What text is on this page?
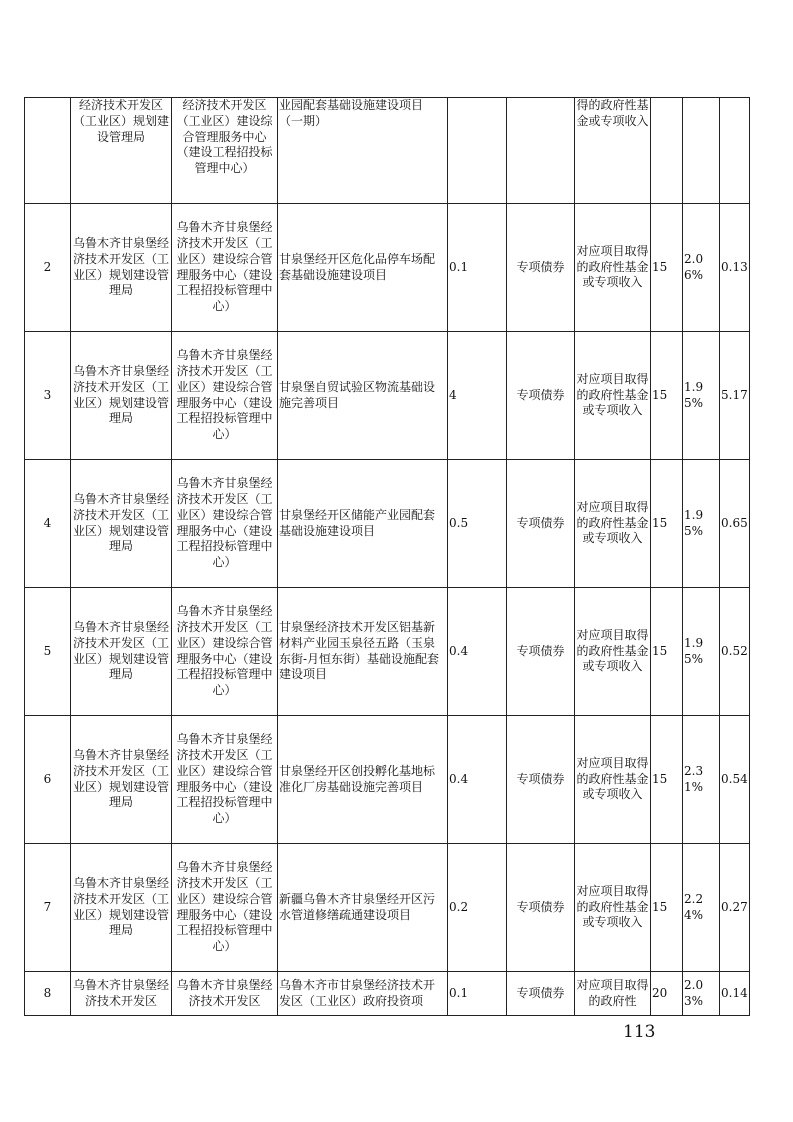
	经济技术开发区（工业区）规划建设管理局	经济技术开发区（工业区）建设综合管理服务中心（建设工程招投标管理中心）	业园配套基础设施建设项目（一期）			得的政府性基金或专项收入			
2	乌鲁木齐甘泉堡经济技术开发区（工业区）规划建设管理局	乌鲁木齐甘泉堡经济技术开发区（工业区）建设综合管理服务中心（建设工程招投标管理中心）	甘泉堡经开区危化品停车场配套基础设施建设项目	0.1	专项债券	对应项目取得的政府性基金或专项收入	15	2.06%	0.13
3	乌鲁木齐甘泉堡经济技术开发区（工业区）规划建设管理局	乌鲁木齐甘泉堡经济技术开发区（工业区）建设综合管理服务中心（建设工程招投标管理中心）	甘泉堡自贸试验区物流基础设施完善项目	4	专项债券	对应项目取得的政府性基金或专项收入	15	1.95%	5.17
4	乌鲁木齐甘泉堡经济技术开发区（工业区）规划建设管理局	乌鲁木齐甘泉堡经济技术开发区（工业区）建设综合管理服务中心（建设工程招投标管理中心）	甘泉堡经开区储能产业园配套基础设施建设项目	0.5	专项债券	对应项目取得的政府性基金或专项收入	15	1.95%	0.65
5	乌鲁木齐甘泉堡经济技术开发区（工业区）规划建设管理局	乌鲁木齐甘泉堡经济技术开发区（工业区）建设综合管理服务中心（建设工程招投标管理中心）	甘泉堡经济技术开发区铝基新材料产业园玉泉径五路（玉泉东街-月恒东街）基础设施配套建设项目	0.4	专项债券	对应项目取得的政府性基金或专项收入	15	1.95%	0.52
6	乌鲁木齐甘泉堡经济技术开发区（工业区）规划建设管理局	乌鲁木齐甘泉堡经济技术开发区（工业区）建设综合管理服务中心（建设工程招投标管理中心）	甘泉堡经开区创投孵化基地标准化厂房基础设施完善项目	0.4	专项债券	对应项目取得的政府性基金或专项收入	15	2.31%	0.54
7	乌鲁木齐甘泉堡经济技术开发区（工业区）规划建设管理局	乌鲁木齐甘泉堡经济技术开发区（工业区）建设综合管理服务中心（建设工程招投标管理中心）	新疆乌鲁木齐甘泉堡经开区污水管道修缮疏通建设项目	0.2	专项债券	对应项目取得的政府性基金或专项收入	15	2.24%	0.27
8	乌鲁木齐甘泉堡经济技术开发区	乌鲁木齐甘泉堡经济技术开发区	乌鲁木齐市甘泉堡经济技术开发区（工业区）政府投资项	0.1	专项债券	对应项目取得的政府性	20	2.03%	0.14
113
